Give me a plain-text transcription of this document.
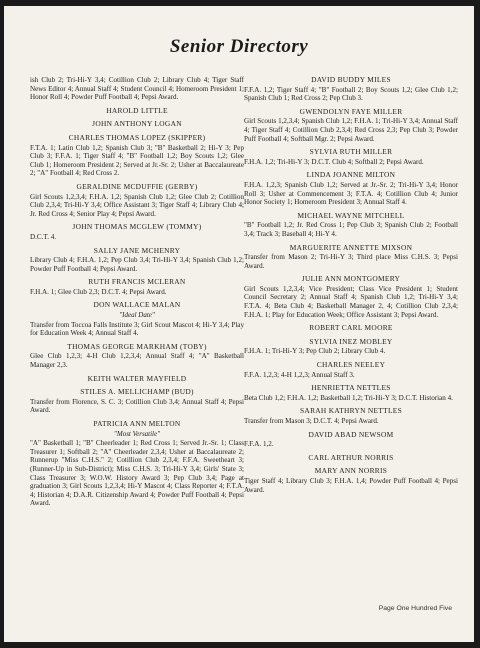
Senior Directory
ish Club 2; Tri-Hi-Y 3,4; Cotillion Club 2; Library Club 4; Tiger Staff News Editor 4; Annual Staff 4; Student Council 4; Homeroom President 1; Honor Roll 4; Powder Puff Football 4; Pepsi Award.
HAROLD LITTLE
JOHN ANTHONY LOGAN
CHARLES THOMAS LOPEZ (SKIPPER)
F.T.A. 1; Latin Club 1,2; Spanish Club 3; "B" Basketball 2; Hi-Y 3; Pep Club 3; F.F.A. 1; Tiger Staff 4; "B" Football 1,2; Boy Scouts 1,2; Glee Club 1; Homeroom President 2; Served at Jr.-Sr. 2; Usher at Baccalaureate 2; "A" Football 4; Red Cross 2.
GERALDINE MCDUFFIE (GERBY)
Girl Scouts 1,2,3,4; F.H.A. 1,2; Spanish Club 1,2; Glee Club 2; Cotillion Club 2,3,4; Tri-Hi-Y 3,4; Office Assistant 3; Tiger Staff 4; Library Club 4; Jr. Red Cross 4; Senior Play 4; Pepsi Award.
JOHN THOMAS MCGLEW (TOMMY)
D.C.T. 4.
SALLY JANE MCHENRY
Library Club 4; F.H.A. 1,2; Pep Club 3,4; Tri-Hi-Y 3,4; Spanish Club 1,2; Powder Puff Football 4; Pepsi Award.
RUTH FRANCIS MCLERAN
F.H.A. 1; Glee Club 2,3; D.C.T. 4; Pepsi Award.
DON WALLACE MALAN
"Ideal Date"
Transfer from Toccoa Falls Institute 3; Girl Scout Mascot 4; Hi-Y 3,4; Play for Education Week 4; Annual Staff 4.
THOMAS GEORGE MARKHAM (TOBY)
Glee Club 1,2,3; 4-H Club 1,2,3,4; Annual Staff 4; "A" Basketball Manager 2,3.
KEITH WALTER MAYFIELD
STILES A. MELLICHAMP (BUD)
Transfer from Florence, S. C. 3; Cotillion Club 3,4; Annual Staff 4; Pepsi Award.
PATRICIA ANN MELTON
"Most Versatile"
"A" Basketball 1; "B" Cheerleader 1; Red Cross 1; Served Jr.-Sr. 1; Class Treasurer 1; Softball 2; "A" Cheerleader 2,3,4; Usher at Baccalaureate 2; Runnerup "Miss C.H.S." 2; Cotillion Club 2,3,4; F.F.A. Sweetheart 3; (Runner-Up in Sub-District); Miss C.H.S. 3; Tri-Hi-Y 3,4; Girls' State 3; Class Treasurer 3; W.O.W. History Award 3; Pep Club 3,4; Page at graduation 3; Girl Scouts 1,2,3,4; Hi-Y Mascot 4; Class Reporter 4; F.T.A. 4; Historian 4; D.A.R. Citizenship Award 4; Powder Puff Football 4; Pepsi Award.
DAVID BUDDY MILES
F.F.A. 1,2; Tiger Staff 4; "B" Football 2; Boy Scouts 1,2; Glee Club 1,2; Spanish Club 1; Red Cross 2; Pep Club 3.
GWENDOLYN FAYE MILLER
Girl Scouts 1,2,3,4; Spanish Club 1,2; F.H.A. 1; Tri-Hi-Y 3,4; Annual Staff 4; Tiger Staff 4; Cotillion Club 2,3,4; Red Cross 2,3; Pep Club 3; Powder Puff Football 4; Softball Mgr. 2; Pepsi Award.
SYLVIA RUTH MILLER
F.H.A. 1,2; Tri-Hi-Y 3; D.C.T. Club 4; Softball 2; Pepsi Award.
LINDA JOANNE MILTON
F.H.A. 1,2,3; Spanish Club 1,2; Served at Jr.-Sr. 2; Tri-Hi-Y 3,4; Honor Roll 3; Usher at Commencement 3; F.T.A. 4; Cotillion Club 4; Junior Honor Society 1; Homeroom President 3; Annual Staff 4.
MICHAEL WAYNE MITCHELL
"B" Football 1,2; Jr. Red Cross 1; Pep Club 3; Spanish Club 2; Football 3,4; Track 3; Baseball 4; Hi-Y 4.
MARGUERITE ANNETTE MIXSON
Transfer from Mason 2; Tri-Hi-Y 3; Third place Miss C.H.S. 3; Pepsi Award.
JULIE ANN MONTGOMERY
Girl Scouts 1,2,3,4; Vice President; Class Vice President 1; Student Council Secretary 2; Annual Staff 4; Spanish Club 1,2; Tri-Hi-Y 3,4; F.T.A. 4; Beta Club 4; Basketball Manager 2, 4; Cotillion Club 2,3,4; F.H.A. 1; Play for Education Week; Office Assistant 3; Pepsi Award.
ROBERT CARL MOORE
SYLVIA INEZ MOBLEY
F.H.A. 1; Tri-Hi-Y 3; Pep Club 2; Library Club 4.
CHARLES NEELEY
F.F.A. 1,2,3; 4-H 1,2,3; Annual Staff 3.
HENRIETTA NETTLES
Beta Club 1,2; F.H.A. 1,2; Basketball 1,2; Tri-Hi-Y 3; D.C.T. Historian 4.
SARAH KATHRYN NETTLES
Transfer from Mason 3; D.C.T. 4; Pepsi Award.
DAVID ABAD NEWSOM
F.F.A. 1,2.
CARL ARTHUR NORRIS
MARY ANN NORRIS
Tiger Staff 4; Library Club 3; F.H.A. 1,4; Powder Puff Football 4; Pepsi Award.
Page One Hundred Five
